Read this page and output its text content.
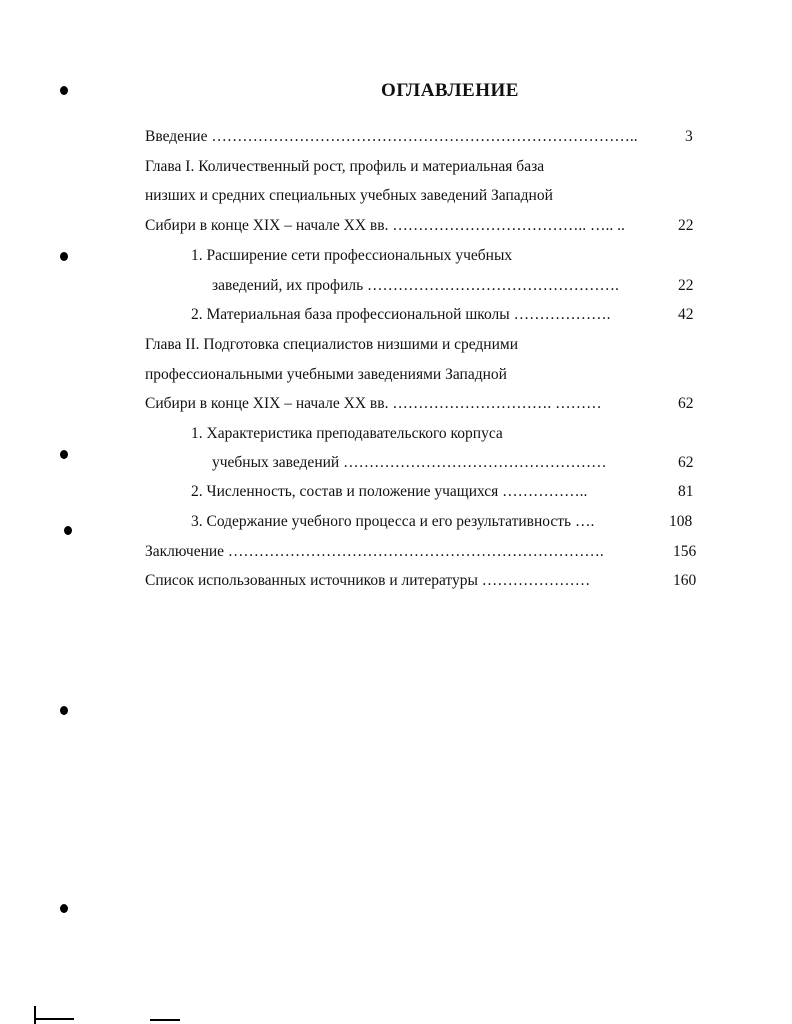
ОГЛАВЛЕНИЕ
Введение ………………………………………………………………………..	3
Глава I. Количественный рост, профиль и материальная база
низших и средних специальных учебных заведений Западной
Сибири в конце XIX – начале XX вв. ……………………………….. ….. ..	22
1. Расширение сети профессиональных учебных
заведений, их профиль ………………………………………….	22
2. Материальная база профессиональной школы ……………….	42
Глава II. Подготовка специалистов низшими и средними
профессиональными учебными заведениями Западной
Сибири в конце XIX – начале XX вв. …………………………. ………	62
1. Характеристика преподавательского корпуса
учебных заведений ……………………………………………	62
2. Численность, состав и положение учащихся ……………..	81
3. Содержание учебного процесса и его результативность ….	108
Заключение ……………………………………………………………….	156
Список использованных источников и литературы …………………	160
